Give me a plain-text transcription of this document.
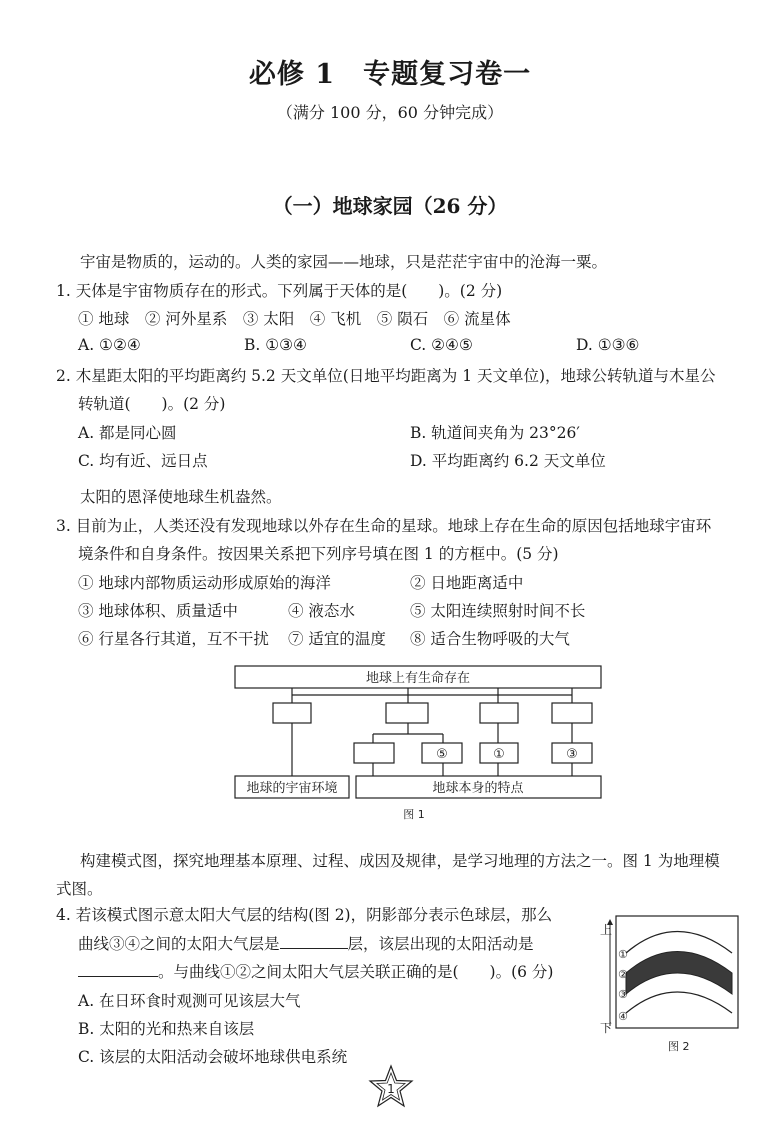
必修 1　专题复习卷一
（满分 100 分，60 分钟完成）
（一）地球家园（26 分）
宇宙是物质的，运动的。人类的家园——地球，只是茫茫宇宙中的沧海一粟。
1. 天体是宇宙物质存在的形式。下列属于天体的是(　　)。(2 分)
① 地球　② 河外星系　③ 太阳　④ 飞机　⑤ 陨石　⑥ 流星体
A. ①②④	B. ①③④	C. ②④⑤	D. ①③⑥
2. 木星距太阳的平均距离约 5.2 天文单位(日地平均距离为 1 天文单位)，地球公转轨道与木星公
转轨道(　　)。(2 分)
A. 都是同心圆	B. 轨道间夹角为 23°26′
C. 均有近、远日点	D. 平均距离约 6.2 天文单位
太阳的恩泽使地球生机盎然。
3. 目前为止，人类还没有发现地球以外存在生命的星球。地球上存在生命的原因包括地球宇宙环
境条件和自身条件。按因果关系把下列序号填在图 1 的方框中。(5 分)
① 地球内部物质运动形成原始的海洋	② 日地距离适中
③ 地球体积、质量适中	④ 液态水	⑤ 太阳连续照射时间不长
⑥ 行星各行其道，互不干扰 ⑦ 适宜的温度 ⑧ 适合生物呼吸的大气
地球上有生命存在
⑤	①	③
地球的宇宙环境	地球本身的特点
图 1
构建模式图，探究地理基本原理、过程、成因及规律，是学习地理的方法之一。图 1 为地理模
式图。
4. 若该模式图示意太阳大气层的结构(图 2)，阴影部分表示色球层，那么
曲线③④之间的太阳大气层是	层，该层出现的太阳活动是
。与曲线①②之间太阳大气层关联正确的是(　　)。(6 分)
A. 在日环食时观测可见该层大气
B. 太阳的光和热来自该层
C. 该层的太阳活动会破坏地球供电系统
上
下
①
②
③
④
图 2
1
